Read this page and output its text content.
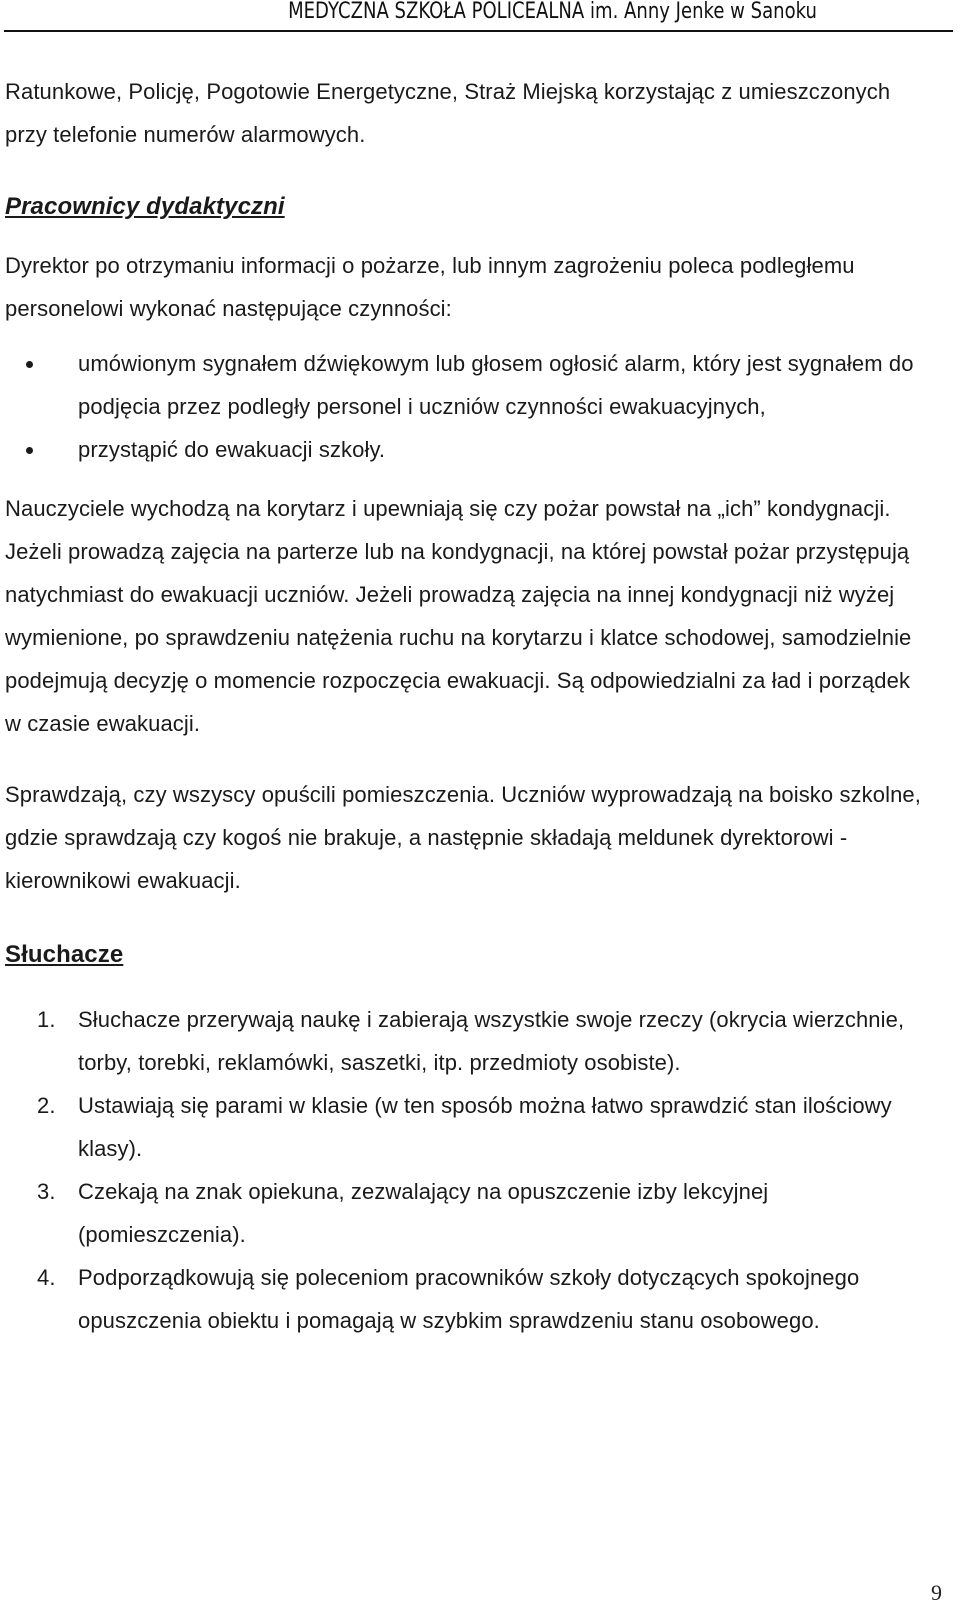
MEDYCZNA SZKOŁA POLICEALNA im. Anny Jenke w Sanoku

Ratunkowe, Policję, Pogotowie Energetyczne, Straż Miejską korzystając z umieszczonych przy telefonie numerów alarmowych.

Pracownicy dydaktyczni

Dyrektor po otrzymaniu informacji o pożarze, lub innym zagrożeniu poleca podległemu personelowi wykonać następujące czynności:

umówionym sygnałem dźwiękowym lub głosem ogłosić alarm, który jest sygnałem do podjęcia przez podległy personel i uczniów czynności ewakuacyjnych,
przystąpić do ewakuacji szkoły.

Nauczyciele wychodzą na korytarz i upewniają się czy pożar powstał na „ich” kondygnacji. Jeżeli prowadzą zajęcia na parterze lub na kondygnacji, na której powstał pożar przystępują natychmiast do ewakuacji uczniów. Jeżeli prowadzą zajęcia na innej kondygnacji niż wyżej wymienione, po sprawdzeniu natężenia ruchu na korytarzu i klatce schodowej, samodzielnie podejmują decyzję o momencie rozpoczęcia ewakuacji. Są odpowiedzialni za ład i porządek w czasie ewakuacji.

Sprawdzają, czy wszyscy opuścili pomieszczenia. Uczniów wyprowadzają na boisko szkolne, gdzie sprawdzają czy kogoś nie brakuje, a następnie składają meldunek dyrektorowi - kierownikowi ewakuacji.

Słuchacze
1. Słuchacze przerywają naukę i zabierają wszystkie swoje rzeczy (okrycia wierzchnie, torby, torebki, reklamówki, saszetki, itp. przedmioty osobiste).
2. Ustawiają się parami w klasie (w ten sposób można łatwo sprawdzić stan ilościowy klasy).
3. Czekają na znak opiekuna, zezwalający na opuszczenie izby lekcyjnej (pomieszczenia).
4. Podporządkowują się poleceniom pracowników szkoły dotyczących spokojnego opuszczenia obiektu i pomagają w szybkim sprawdzeniu stanu osobowego.
9
